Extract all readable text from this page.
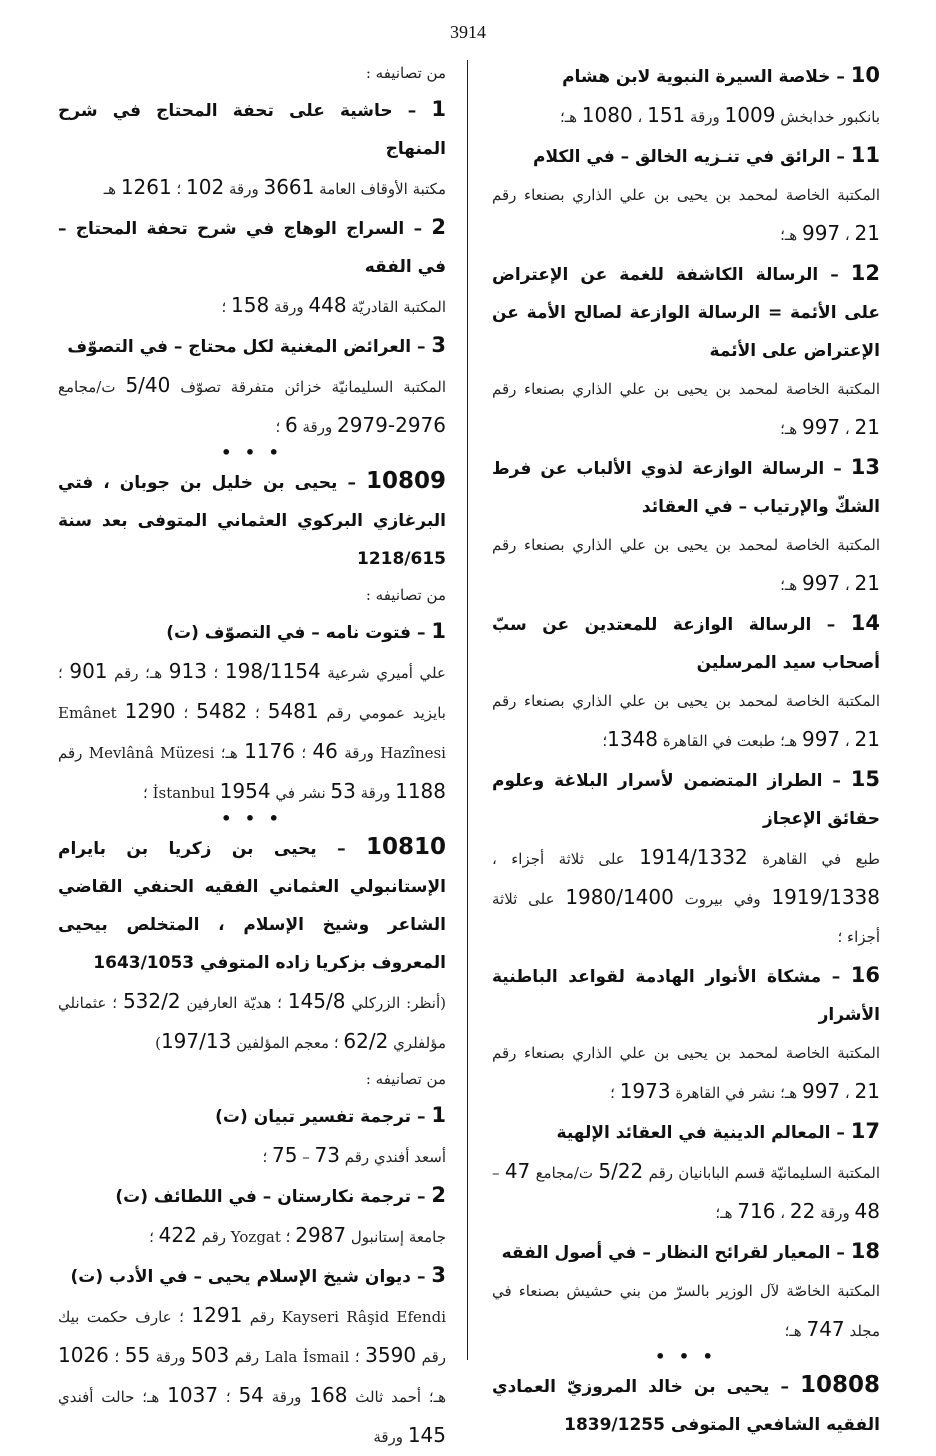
3914
10 – خلاصة السيرة النبوية لابن هشام
بانكبور خدابخش 1009 ورقة 151 ، 1080 هـ؛
11 – الرائق في تنـزيه الخالق – في الكلام
المكتبة الخاصة لمحمد بن يحيى بن علي الذاري بصنعاء رقم 21 ، 997 هـ؛
12 – الرسالة الكاشفة للغمة عن الإعتراض على الأئمة = الرسالة الوازعة لصالح الأمة عن الإعتراض على الأئمة
المكتبة الخاصة لمحمد بن يحيى بن علي الذاري بصنعاء رقم 21 ، 997 هـ؛
13 – الرسالة الوازعة لذوي الألباب عن فرط الشكّ والإرتياب – في العقائد
المكتبة الخاصة لمحمد بن يحيى بن علي الذاري بصنعاء رقم 21 ، 997 هـ؛
14 – الرسالة الوازعة للمعتدين عن سبّ أصحاب سيد المرسلين
المكتبة الخاصة لمحمد بن يحيى بن علي الذاري بصنعاء رقم 21 ، 997 هـ؛ طبعت في القاهرة 1348؛
15 – الطراز المتضمن لأسرار البلاغة وعلوم حقائق الإعجاز
طبع في القاهرة 1914/1332 على ثلاثة أجزاء ، 1919/1338 وفي بيروت 1980/1400 على ثلاثة أجزاء ؛
16 – مشكاة الأنوار الهادمة لقواعد الباطنية الأشرار
المكتبة الخاصة لمحمد بن يحيى بن علي الذاري بصنعاء رقم 21 ، 997 هـ؛ نشر في القاهرة 1973 ؛
17 – المعالم الدينية في العقائد الإلهية
المكتبة السليمانيّة قسم البابانيان رقم 5/22 ت/مجامع 47 – 48 ورقة 22 ، 716 هـ؛
18 – المعيار لقرائح النظار – في أصول الفقه
المكتبة الخاصّة لآل الوزير بالسرّ من بني حشيش بصنعاء في مجلد 747 هـ؛
• • •
10808 – يحيى بن خالد المروزيّ العمادي الفقيه الشافعي المتوفى 1839/1255
من تصانيفه :
1 – حاشية على تحفة المحتاج في شرح المنهاج
مكتبة الأوقاف العامة 3661 ورقة 102 ؛ 1261 هـ
2 – السراج الوهاج في شرح تحفة المحتاج – في الفقه
المكتبة القادريّة 448 ورقة 158 ؛
3 – العرائض المغنية لكل محتاج – في التصوّف
المكتبة السليمانيّة خزائن متفرقة تصوّف 5/40 ت/مجامع 2976-2979 ورقة 6 ؛
• • •
10809 – يحيى بن خليل بن جوبان ، فتي البرغازي البركوي العثماني المتوفى بعد سنة 1218/615
من تصانيفه :
1 – فتوت نامه – في التصوّف (ت)
علي أميري شرعية 198/1154 ؛ 913 هـ؛ رقم 901 ؛ بايزيد عمومي رقم 5481 ؛ 5482 ؛ 1290 Emânet Hazînesi ورقة 46 ؛ 1176 هـ؛ Mevlânâ Müzesi رقم 1188 ورقة 53 نشر في İstanbul 1954 ؛
• • •
10810 – يحيى بن زكريا بن بايرام الإستانبولي العثماني الفقيه الحنفي القاضي الشاعر وشيخ الإسلام ، المتخلص بيحيى المعروف بزكريا زاده المتوفي 1643/1053
(أنظر: الزركلي 145/8 ؛ هديّة العارفين 532/2 ؛ عثمانلي مؤلفلري 62/2 ؛ معجم المؤلفين 197/13)
من تصانيفه :
1 – ترجمة تفسير تبيان (ت)
أسعد أفندي رقم 73 – 75 ؛
2 – ترجمة نكارستان – في اللطائف (ت)
جامعة إستانبول 2987 ؛ Yozgat رقم 422 ؛
3 – ديوان شيخ الإسلام يحيى – في الأدب (ت)
Kayseri Râşid Efendi رقم 1291 ؛ عارف حكمت بيك رقم 3590 ؛ Lala İsmail رقم 503 ورقة 55 ؛ 1026 هـ؛ أحمد ثالث 168 ورقة 54 ؛ 1037 هـ؛ حالت أفندي 145 ورقة
